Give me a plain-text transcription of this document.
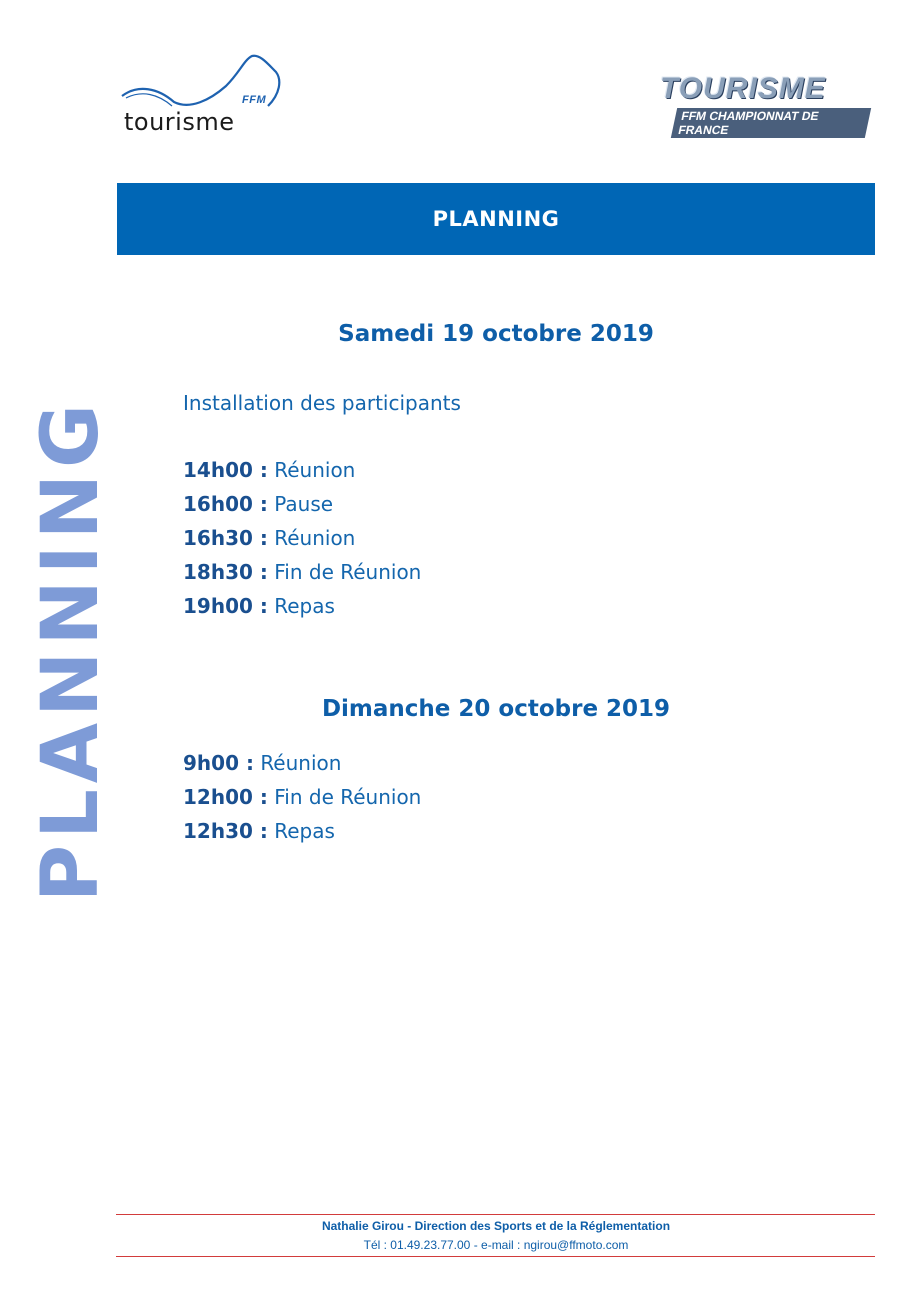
FFM
tourisme
TOURISME
FFM CHAMPIONNAT DE FRANCE
PLANNING
PLANNING
Samedi 19 octobre 2019
Installation des participants
14h00 : Réunion
16h00 : Pause
16h30 : Réunion
18h30 : Fin de Réunion
19h00 : Repas
Dimanche 20 octobre 2019
9h00 : Réunion
12h00 : Fin de Réunion
12h30 : Repas
Nathalie Girou - Direction des Sports et de la Réglementation
Tél : 01.49.23.77.00 - e-mail : ngirou@ffmoto.com
